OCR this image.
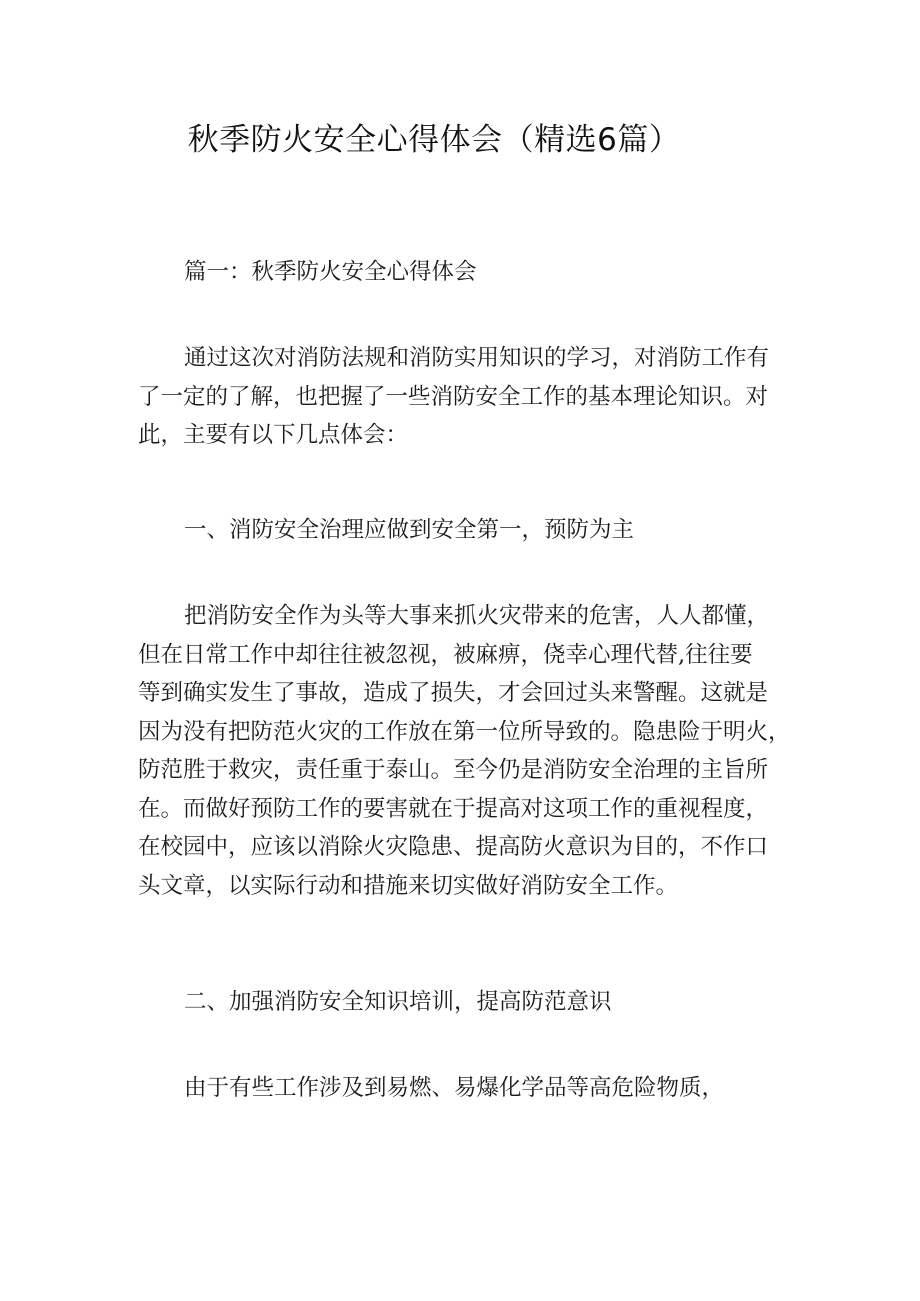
秋季防火安全心得体会（精选6篇）

篇一：秋季防火安全心得体会

通过这次对消防法规和消防实用知识的学习，对消防工作有
了一定的了解，也把握了一些消防安全工作的基本理论知识。对
此，主要有以下几点体会：

一、消防安全治理应做到安全第一，预防为主

把消防安全作为头等大事来抓火灾带来的危害，人人都懂，
但在日常工作中却往往被忽视，被麻痹，侥幸心理代替,往往要
等到确实发生了事故，造成了损失，才会回过头来警醒。这就是
因为没有把防范火灾的工作放在第一位所导致的。隐患险于明火，
防范胜于救灾，责任重于泰山。至今仍是消防安全治理的主旨所
在。而做好预防工作的要害就在于提高对这项工作的重视程度，
在校园中，应该以消除火灾隐患、提高防火意识为目的，不作口
头文章，以实际行动和措施来切实做好消防安全工作。

二、加强消防安全知识培训，提高防范意识

由于有些工作涉及到易燃、易爆化学品等高危险物质，
